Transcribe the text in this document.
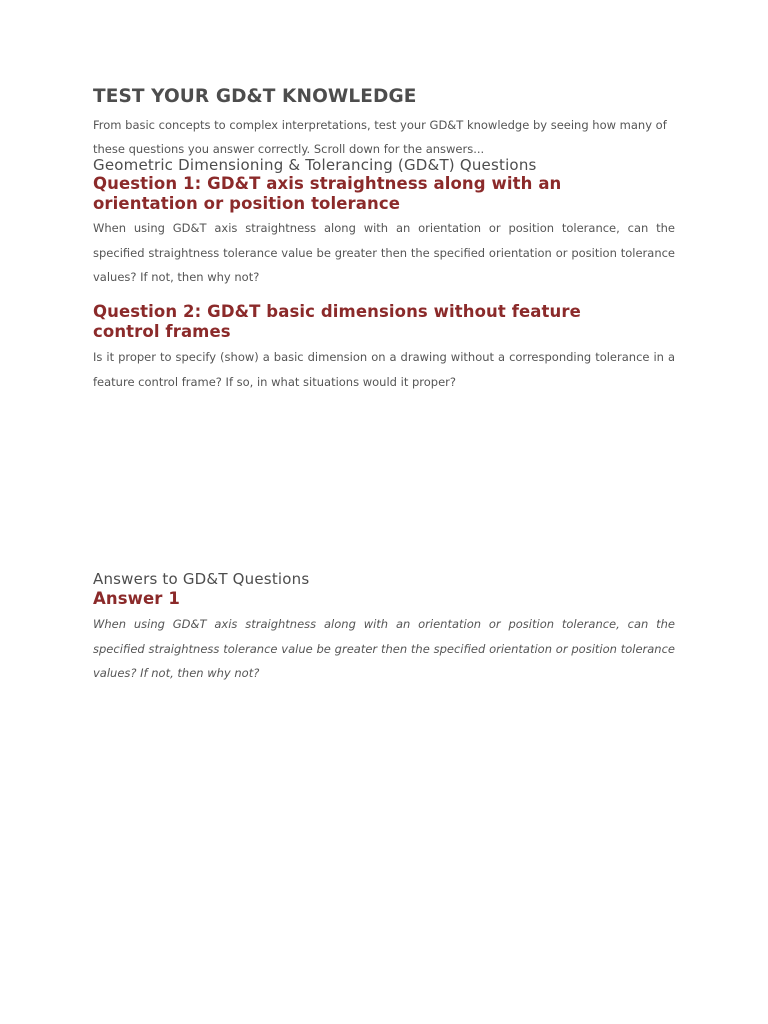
TEST YOUR GD&T KNOWLEDGE

From basic concepts to complex interpretations, test your GD&T knowledge by seeing how many of these questions you answer correctly. Scroll down for the answers...

Geometric Dimensioning & Tolerancing (GD&T) Questions
Question 1: GD&T axis straightness along with an orientation or position tolerance

When using GD&T axis straightness along with an orientation or position tolerance, can the specified straightness tolerance value be greater then the specified orientation or position tolerance values? If not, then why not?

Question 2: GD&T basic dimensions without feature control frames

Is it proper to specify (show) a basic dimension on a drawing without a corresponding tolerance in a feature control frame? If so, in what situations would it proper?

Answers to GD&T Questions
Answer 1

When using GD&T axis straightness along with an orientation or position tolerance, can the specified straightness tolerance value be greater then the specified orientation or position tolerance values? If not, then why not?
